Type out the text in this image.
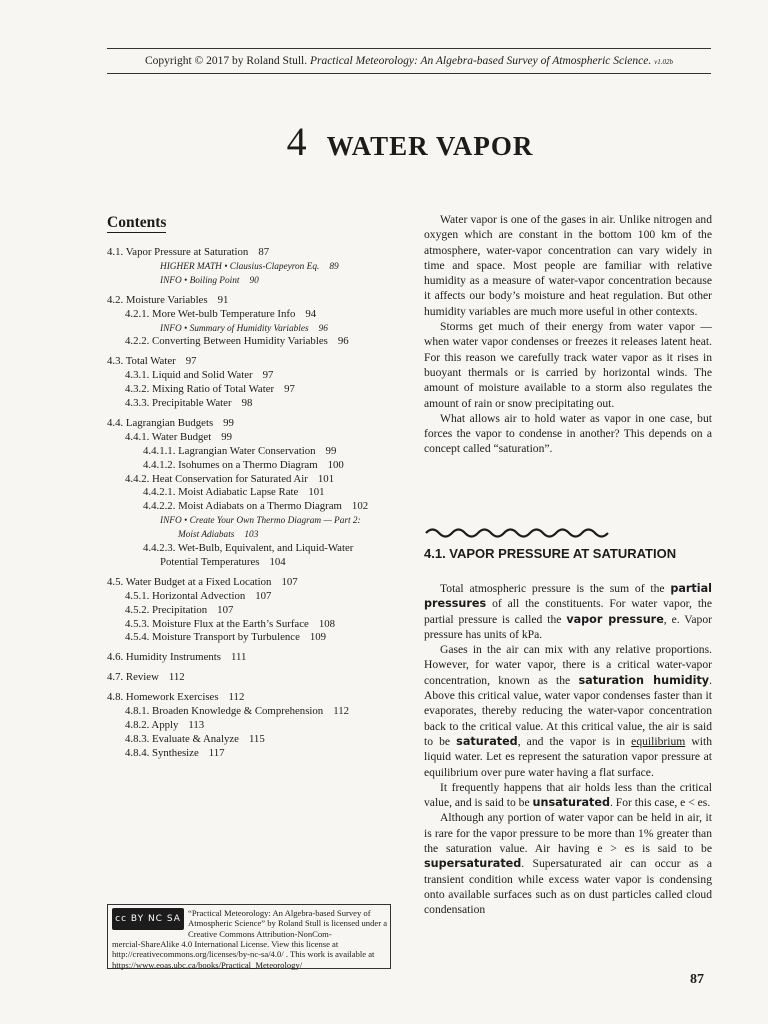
Copyright © 2017 by Roland Stull. Practical Meteorology: An Algebra-based Survey of Atmospheric Science. v1.02b
4 WATER VAPOR
Contents
4.1. Vapor Pressure at Saturation 87
HIGHER MATH • Clausius-Clapeyron Eq. 89
INFO • Boiling Point 90
4.2. Moisture Variables 91
4.2.1. More Wet-bulb Temperature Info 94
INFO • Summary of Humidity Variables 96
4.2.2. Converting Between Humidity Variables 96
4.3. Total Water 97
4.3.1. Liquid and Solid Water 97
4.3.2. Mixing Ratio of Total Water 97
4.3.3. Precipitable Water 98
4.4. Lagrangian Budgets 99
4.4.1. Water Budget 99
4.4.1.1. Lagrangian Water Conservation 99
4.4.1.2. Isohumes on a Thermo Diagram 100
4.4.2. Heat Conservation for Saturated Air 101
4.4.2.1. Moist Adiabatic Lapse Rate 101
4.4.2.2. Moist Adiabats on a Thermo Diagram 102
INFO • Create Your Own Thermo Diagram — Part 2:
Moist Adiabats 103
4.4.2.3. Wet-Bulb, Equivalent, and Liquid-Water
Potential Temperatures 104
4.5. Water Budget at a Fixed Location 107
4.5.1. Horizontal Advection 107
4.5.2. Precipitation 107
4.5.3. Moisture Flux at the Earth’s Surface 108
4.5.4. Moisture Transport by Turbulence 109
4.6. Humidity Instruments 111
4.7. Review 112
4.8. Homework Exercises 112
4.8.1. Broaden Knowledge & Comprehension 112
4.8.2. Apply 113
4.8.3. Evaluate & Analyze 115
4.8.4. Synthesize 117
cc BY NC SA
“Practical Meteorology: An Algebra-based Survey of Atmospheric Science” by Roland Stull is licensed under a Creative Commons Attribution-NonCom-
mercial-ShareAlike 4.0 International License. View this license at http://creativecommons.org/licenses/by-nc-sa/4.0/ . This work is available at https://www.eoas.ubc.ca/books/Practical_Meteorology/

Water vapor is one of the gases in air. Unlike nitrogen and oxygen which are constant in the bottom 100 km of the atmosphere, water-vapor concentration can vary widely in time and space. Most people are familiar with relative humidity as a measure of water-vapor concentration because it affects our body’s moisture and heat regulation. But other humidity variables are much more useful in other contexts.

Storms get much of their energy from water vapor — when water vapor condenses or freezes it releases latent heat. For this reason we carefully track water vapor as it rises in buoyant thermals or is carried by horizontal winds. The amount of moisture available to a storm also regulates the amount of rain or snow precipitating out.

What allows air to hold water as vapor in one case, but forces the vapor to condense in another? This depends on a concept called “saturation”.

4.1. VAPOR PRESSURE AT SATURATION

Total atmospheric pressure is the sum of the partial pressures of all the constituents. For water vapor, the partial pressure is called the vapor pressure, e. Vapor pressure has units of kPa.

Gases in the air can mix with any relative proportions. However, for water vapor, there is a critical water-vapor concentration, known as the saturation humidity. Above this critical value, water vapor condenses faster than it evaporates, thereby reducing the water-vapor concentration back to the critical value. At this critical value, the air is said to be saturated, and the vapor is in equilibrium with liquid water. Let es represent the saturation vapor pressure at equilibrium over pure water having a flat surface.

It frequently happens that air holds less than the critical value, and is said to be unsaturated. For this case, e < es.

Although any portion of water vapor can be held in air, it is rare for the vapor pressure to be more than 1% greater than the saturation value. Air having e > es is said to be supersaturated. Supersaturated air can occur as a transient condition while excess water vapor is condensing onto available surfaces such as on dust particles called cloud condensation

87
